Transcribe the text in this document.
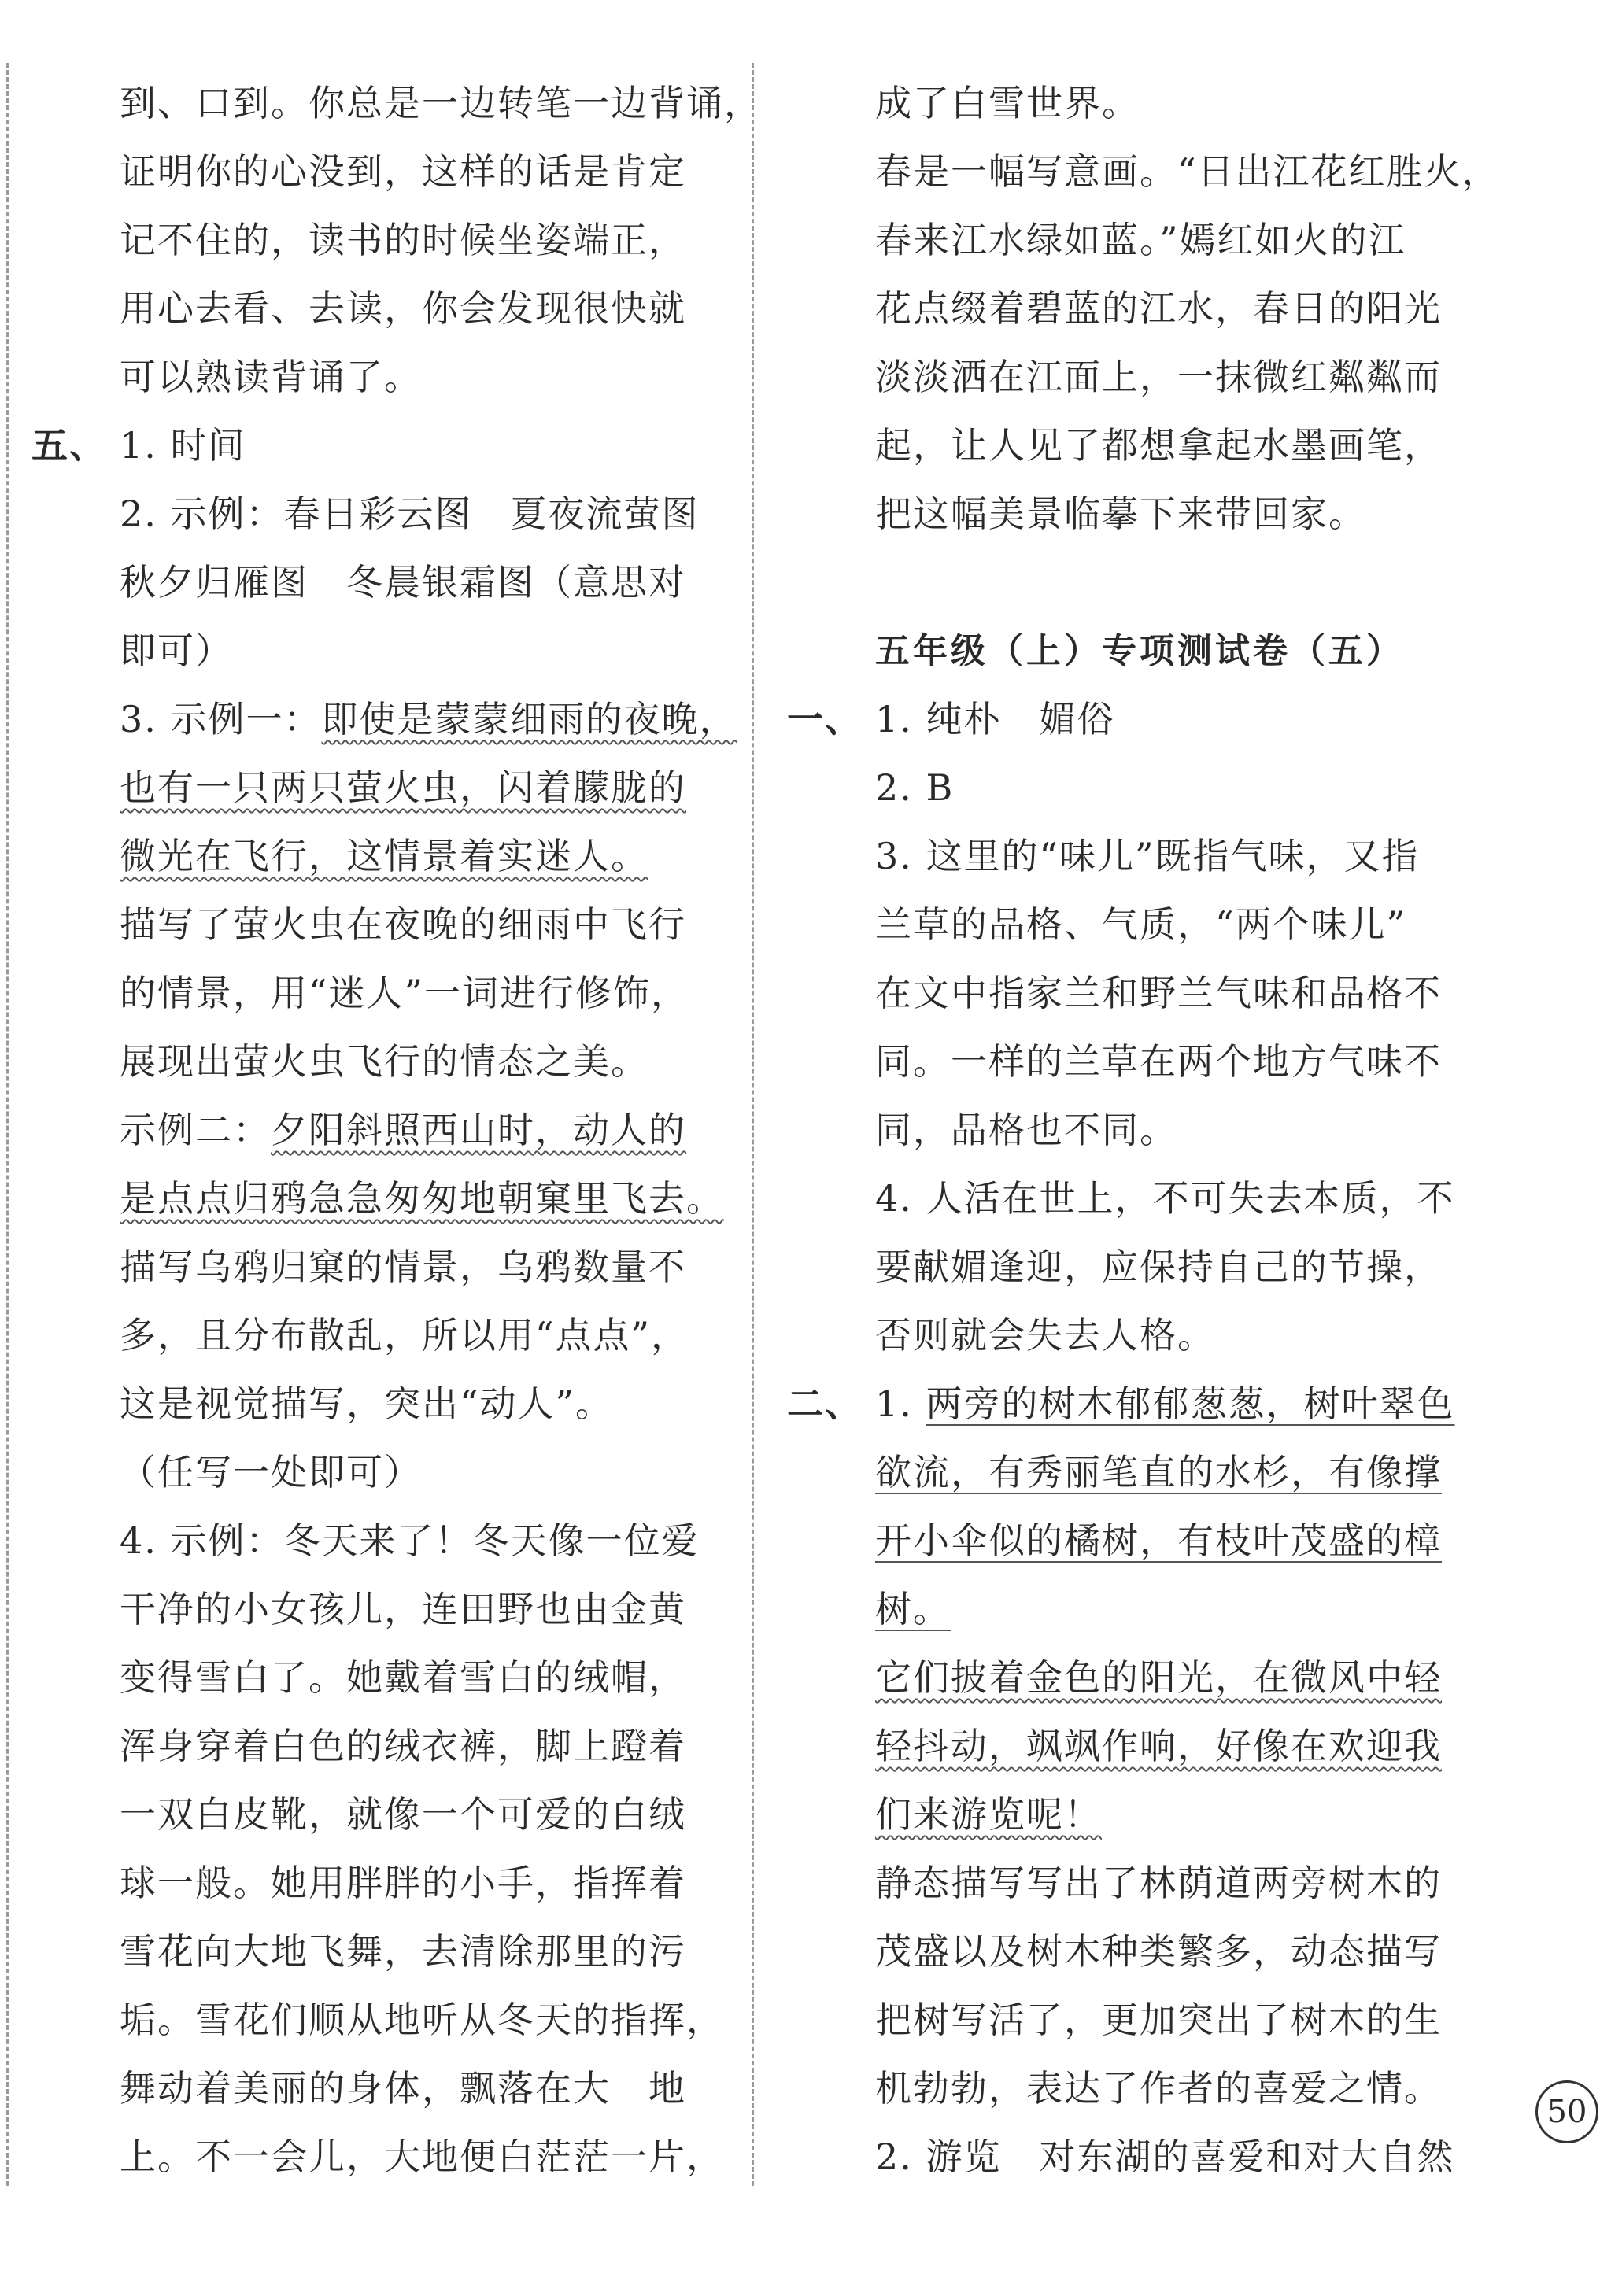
到、口到。你总是一边转笔一边背诵，
证明你的心没到，这样的话是肯定
记不住的，读书的时候坐姿端正，
用心去看、去读，你会发现很快就
可以熟读背诵了。
五、 1. 时间
2. 示例：春日彩云图　夏夜流萤图
秋夕归雁图　冬晨银霜图（意思对
即可）
3. 示例一：即使是蒙蒙细雨的夜晚，
也有一只两只萤火虫，闪着朦胧的
微光在飞行，这情景着实迷人。
描写了萤火虫在夜晚的细雨中飞行
的情景，用“迷人”一词进行修饰，
展现出萤火虫飞行的情态之美。
示例二：夕阳斜照西山时，动人的
是点点归鸦急急匆匆地朝窠里飞去。
描写乌鸦归窠的情景，乌鸦数量不
多，且分布散乱，所以用“点点”，
这是视觉描写，突出“动人”。
（任写一处即可）
4. 示例：冬天来了！冬天像一位爱
干净的小女孩儿，连田野也由金黄
变得雪白了。她戴着雪白的绒帽，
浑身穿着白色的绒衣裤，脚上蹬着
一双白皮靴，就像一个可爱的白绒
球一般。她用胖胖的小手，指挥着
雪花向大地飞舞，去清除那里的污
垢。雪花们顺从地听从冬天的指挥，
舞动着美丽的身体，飘落在大　地
上。不一会儿，大地便白茫茫一片，
成了白雪世界。
春是一幅写意画。“日出江花红胜火，
春来江水绿如蓝。”嫣红如火的江
花点缀着碧蓝的江水，春日的阳光
淡淡洒在江面上，一抹微红粼粼而
起，让人见了都想拿起水墨画笔，
把这幅美景临摹下来带回家。
五年级（上）专项测试卷（五）
一、 1. 纯朴　媚俗
2. B
3. 这里的“味儿”既指气味，又指
兰草的品格、气质，“两个味儿”
在文中指家兰和野兰气味和品格不
同。一样的兰草在两个地方气味不
同，品格也不同。
4. 人活在世上，不可失去本质，不
要献媚逢迎，应保持自己的节操，
否则就会失去人格。
二、 1. 两旁的树木郁郁葱葱，树叶翠色
欲流，有秀丽笔直的水杉，有像撑
开小伞似的橘树，有枝叶茂盛的樟
树。
它们披着金色的阳光，在微风中轻
轻抖动，飒飒作响，好像在欢迎我
们来游览呢！
静态描写写出了林荫道两旁树木的
茂盛以及树木种类繁多，动态描写
把树写活了，更加突出了树木的生
机勃勃，表达了作者的喜爱之情。
2. 游览　对东湖的喜爱和对大自然
50
